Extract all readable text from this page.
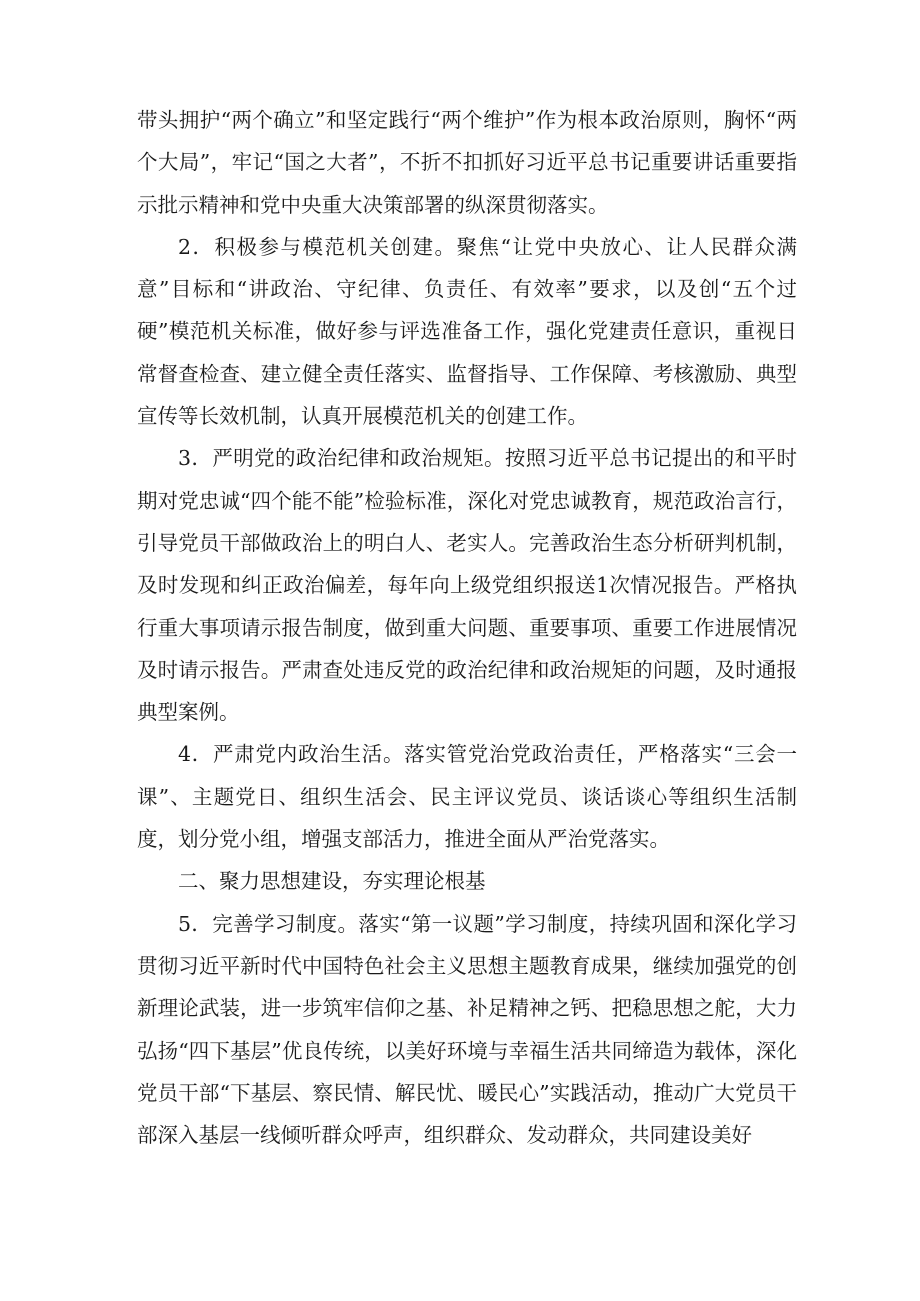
带头拥护“两个确立”和坚定践行“两个维护”作为根本政治原则，胸怀“两个大局”，牢记“国之大者”，不折不扣抓好习近平总书记重要讲话重要指示批示精神和党中央重大决策部署的纵深贯彻落实。

2．积极参与模范机关创建。聚焦“让党中央放心、让人民群众满意”目标和“讲政治、守纪律、负责任、有效率”要求，以及创“五个过硬”模范机关标准，做好参与评选准备工作，强化党建责任意识，重视日常督查检查、建立健全责任落实、监督指导、工作保障、考核激励、典型宣传等长效机制，认真开展模范机关的创建工作。

3．严明党的政治纪律和政治规矩。按照习近平总书记提出的和平时期对党忠诚“四个能不能”检验标准，深化对党忠诚教育，规范政治言行，引导党员干部做政治上的明白人、老实人。完善政治生态分析研判机制，及时发现和纠正政治偏差，每年向上级党组织报送1次情况报告。严格执行重大事项请示报告制度，做到重大问题、重要事项、重要工作进展情况及时请示报告。严肃查处违反党的政治纪律和政治规矩的问题，及时通报典型案例。

4．严肃党内政治生活。落实管党治党政治责任，严格落实“三会一课”、主题党日、组织生活会、民主评议党员、谈话谈心等组织生活制度，划分党小组，增强支部活力，推进全面从严治党落实。

二、聚力思想建设，夯实理论根基

5．完善学习制度。落实“第一议题”学习制度，持续巩固和深化学习贯彻习近平新时代中国特色社会主义思想主题教育成果，继续加强党的创新理论武装，进一步筑牢信仰之基、补足精神之钙、把稳思想之舵，大力弘扬“四下基层”优良传统，以美好环境与幸福生活共同缔造为载体，深化党员干部“下基层、察民情、解民忧、暖民心”实践活动，推动广大党员干部深入基层一线倾听群众呼声，组织群众、发动群众，共同建设美好
